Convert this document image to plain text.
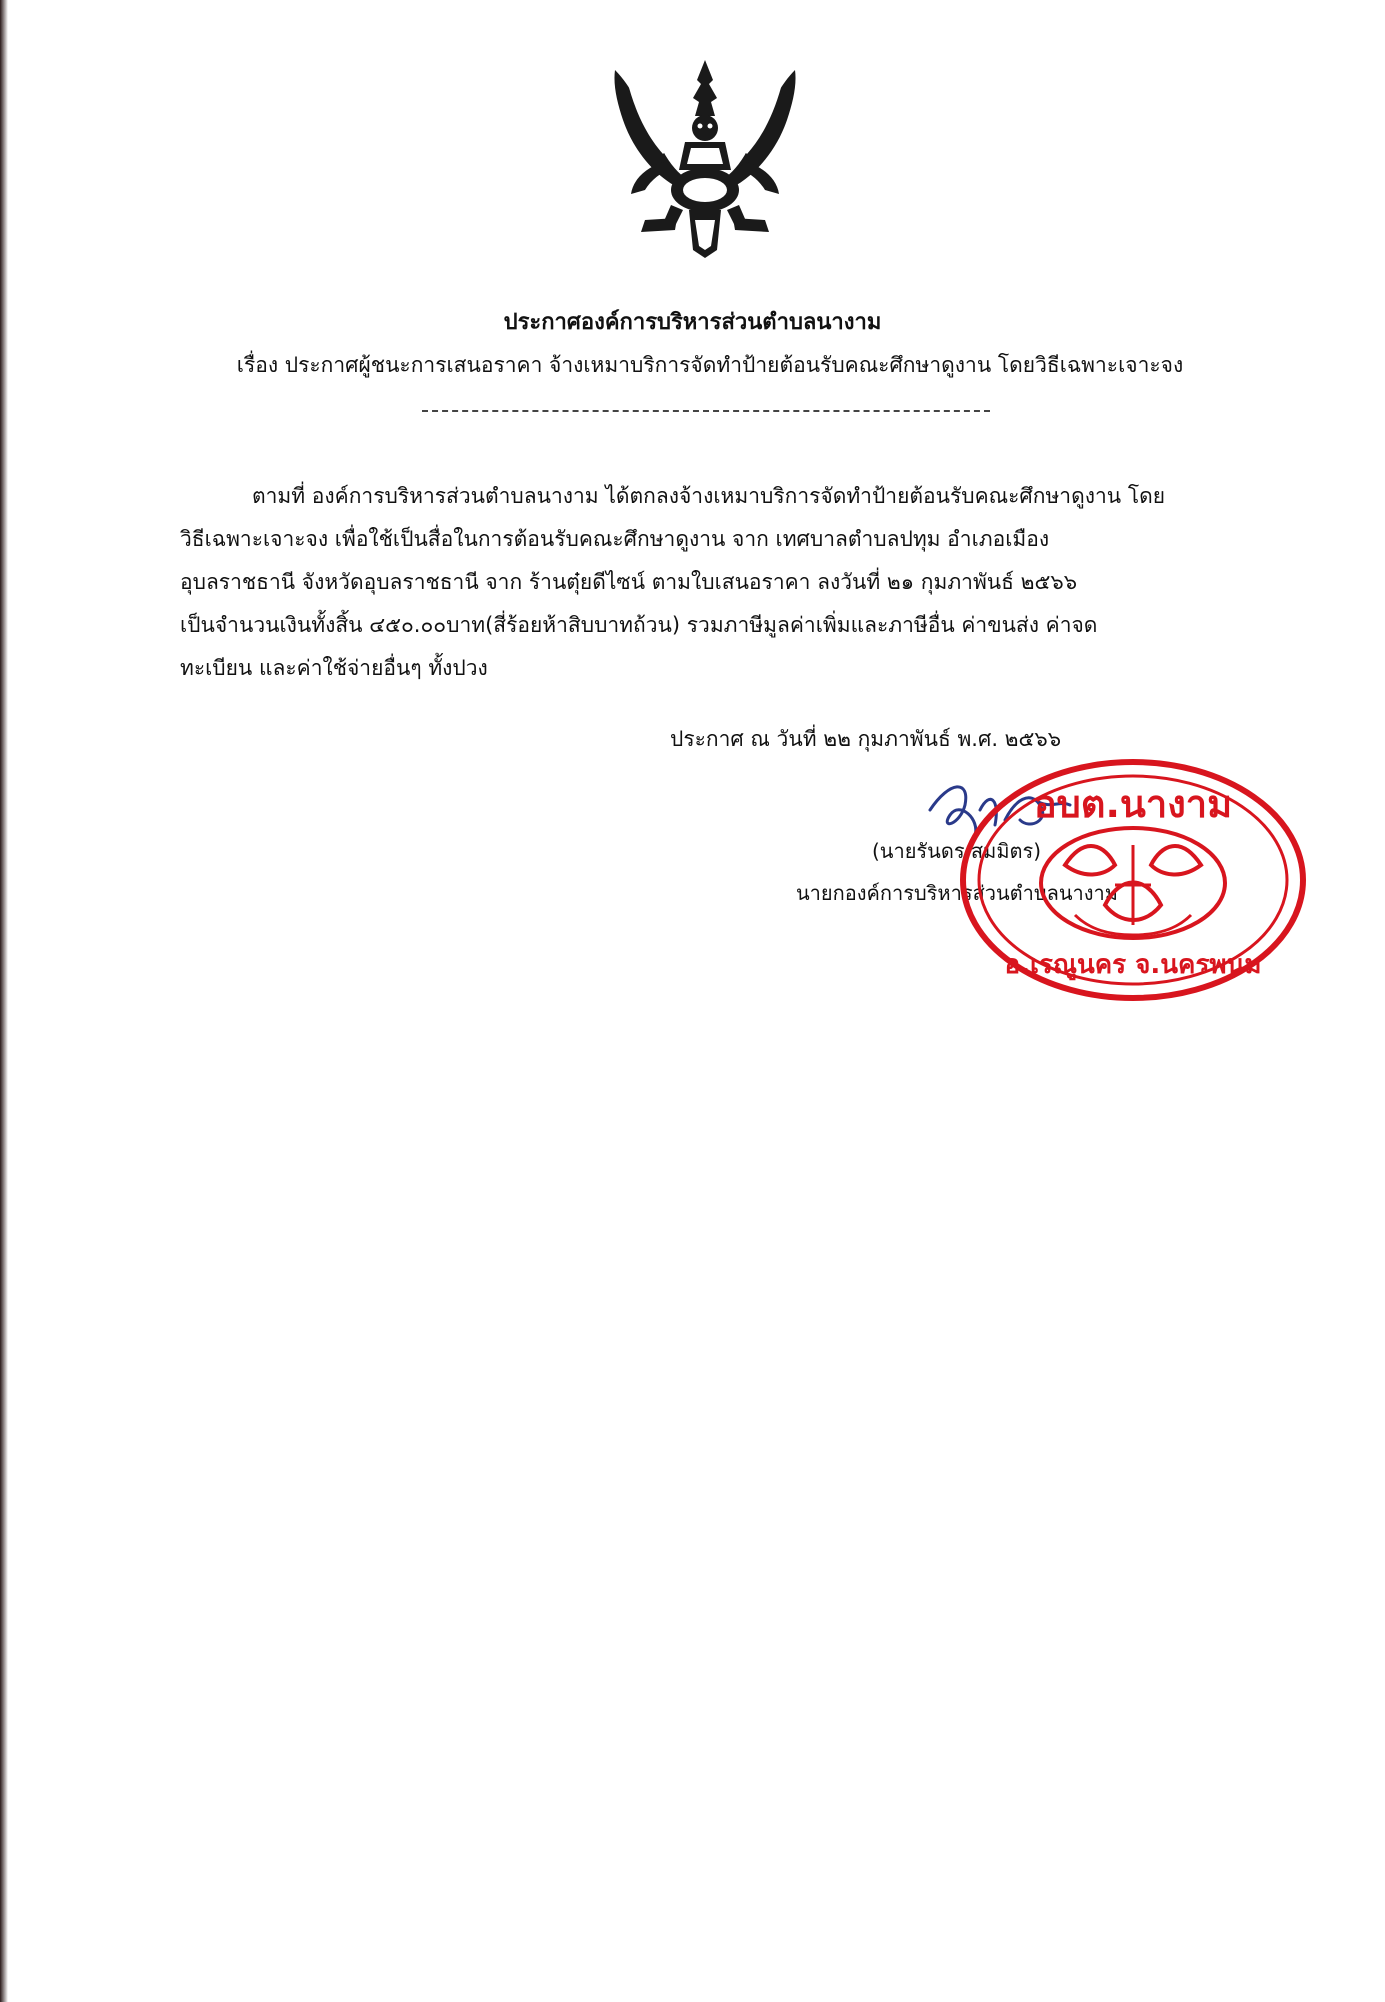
ประกาศองค์การบริหารส่วนตำบลนางาม
เรื่อง ประกาศผู้ชนะการเสนอราคา จ้างเหมาบริการจัดทำป้ายต้อนรับคณะศึกษาดูงาน โดยวิธีเฉพาะเจาะจง
ตามที่ องค์การบริหารส่วนตำบลนางาม ได้ตกลงจ้างเหมาบริการจัดทำป้ายต้อนรับคณะศึกษาดูงาน โดย
วิธีเฉพาะเจาะจง เพื่อใช้เป็นสื่อในการต้อนรับคณะศึกษาดูงาน จาก เทศบาลตำบลปทุม อำเภอเมือง
อุบลราชธานี จังหวัดอุบลราชธานี จาก ร้านตุ๋ยดีไซน์ ตามใบเสนอราคา ลงวันที่ ๒๑ กุมภาพันธ์ ๒๕๖๖
เป็นจำนวนเงินทั้งสิ้น ๔๕๐.๐๐บาท(สี่ร้อยห้าสิบบาทถ้วน) รวมภาษีมูลค่าเพิ่มและภาษีอื่น ค่าขนส่ง ค่าจด
ทะเบียน และค่าใช้จ่ายอื่นๆ ทั้งปวง
ประกาศ ณ วันที่ ๒๒ กุมภาพันธ์ พ.ศ. ๒๕๖๖
(นายรันดร สมมิตร)
นายกองค์การบริหารส่วนตำบลนางาม
อบต.นางาม
อ.เรณูนคร จ.นครพนม
